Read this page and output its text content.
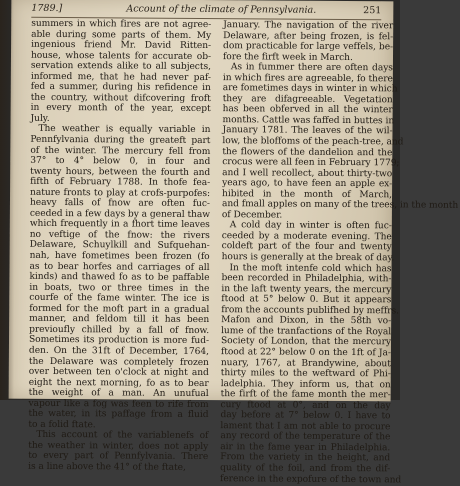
1789.]	Account of the climate of Pennsylvania.	251
summers in which fires are not agree-
able during some parts of them. My
ingenious friend Mr. David Ritten-
house, whose talents for accurate ob-
servation extends alike to all subjects,
informed me, that he had never paf-
fed a summer, during his refidence in
the country, without difcovering froft
in every month of the year, except
July.
The weather is equally variable in
Pennfylvania during the greateft part
of the winter. The mercury fell from
37° to 4° below 0, in four and
twenty hours, between the fourth and
fifth of February 1788. In thofe fea-
nature fronts to play at crofs-purpofes:
heavy falls of fnow are often fuc-
ceeded in a few days by a general thaw
which frequently in a fhort time leaves
no veftige of the fnow: the rivers
Delaware, Schuylkill and Sufquehan-
nah, have fometimes been frozen (fo
as to bear horfes and carriages of all
kinds) and thawed fo as to be paffable
in boats, two or three times in the
courfe of the fame winter. The ice is
formed for the moft part in a gradual
manner, and feldom till it has been
previoufly chilled by a fall of fnow.
Sometimes its production is more fud-
den. On the 31ft of December, 1764,
the Delaware was completely frozen
over between ten o'clock at night and
eight the next morning, fo as to bear
the weight of a man. An unufual
vapour like a fog was feen to rife from
the water, in its paffage from a fluid
to a folid ftate.
This account of the variablenefs of
the weather in winter, does not apply
to every part of Pennfylvania. There
is a line above the 41° of the ftate,
January. The navigation of the river
Delaware, after being frozen, is fel-
dom practicable for large veffels, be-
fore the firft week in March.
As in fummer there are often days
in which fires are agreeable, fo there
are fometimes days in winter in which
they are difagreeable. Vegetation
has been obferved in all the winter
months. Cattle was faffed in buttes in
January 1781. The leaves of the wil-
low, the bloffoms of the peach-tree, and
the flowers of the dandelion and the
crocus were all feen in February 1779;
and I well recollect, about thirty-two
years ago, to have feen an apple ex-
hibited in the month of March,
and fmall apples on many of the trees, in the month
of December.
A cold day in winter is often fuc-
ceeded by a moderate evening. The
coldeft part of the four and twenty
hours is generally at the break of day.
In the moft intenfe cold which has
been recorded in Philadelphia, with-
in the laft twenty years, the mercury
ftood at 5° below 0. But it appears
from the accounts publifhed by meffrs.
Mafon and Dixon, in the 58th vo-
lume of the tranfactions of the Royal
Society of London, that the mercury
ftood at 22° below 0 on the 1ft of Ja-
nuary, 1767, at Brandywine, about
thirty miles to the weftward of Phi-
ladelphia. They inform us, that on
the firft of the fame month the mer-
cury ftood at 0°, and on the day
day before at 7° below 0. I have to
lament that I am not able to procure
any record of the temperature of the
air in the fame year in Philadelphia.
From the variety in the height, and
quality of the foil, and from the dif-
ference in the expofure of the town and
